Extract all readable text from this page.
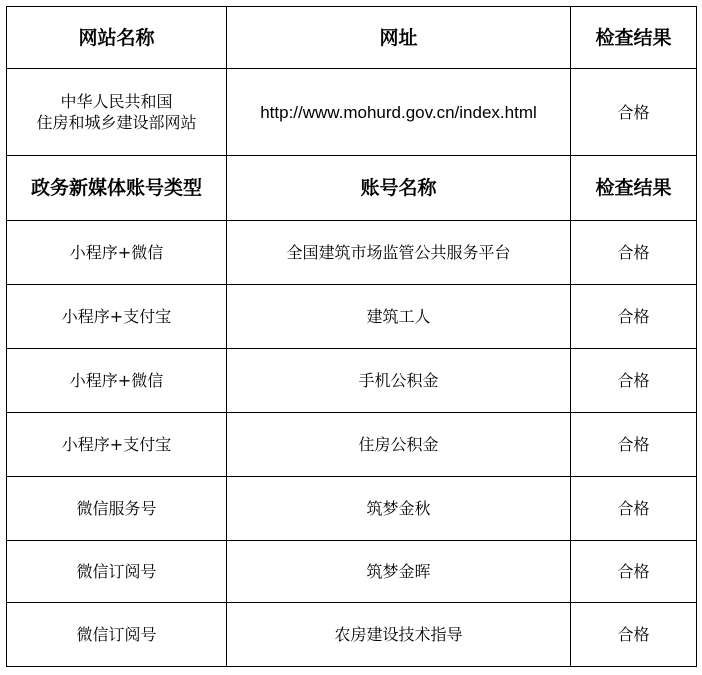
网站名称	网址	检查结果

中华人民共和国
住房和城乡建设部网站	http://www.mohurd.gov.cn/index.html	合格
政务新媒体账号类型	账号名称	检查结果
小程序+微信	全国建筑市场监管公共服务平台	合格
小程序+支付宝	建筑工人	合格
小程序+微信	手机公积金	合格
小程序+支付宝	住房公积金	合格
微信服务号	筑梦金秋	合格
微信订阅号	筑梦金晖	合格
微信订阅号	农房建设技术指导	合格
